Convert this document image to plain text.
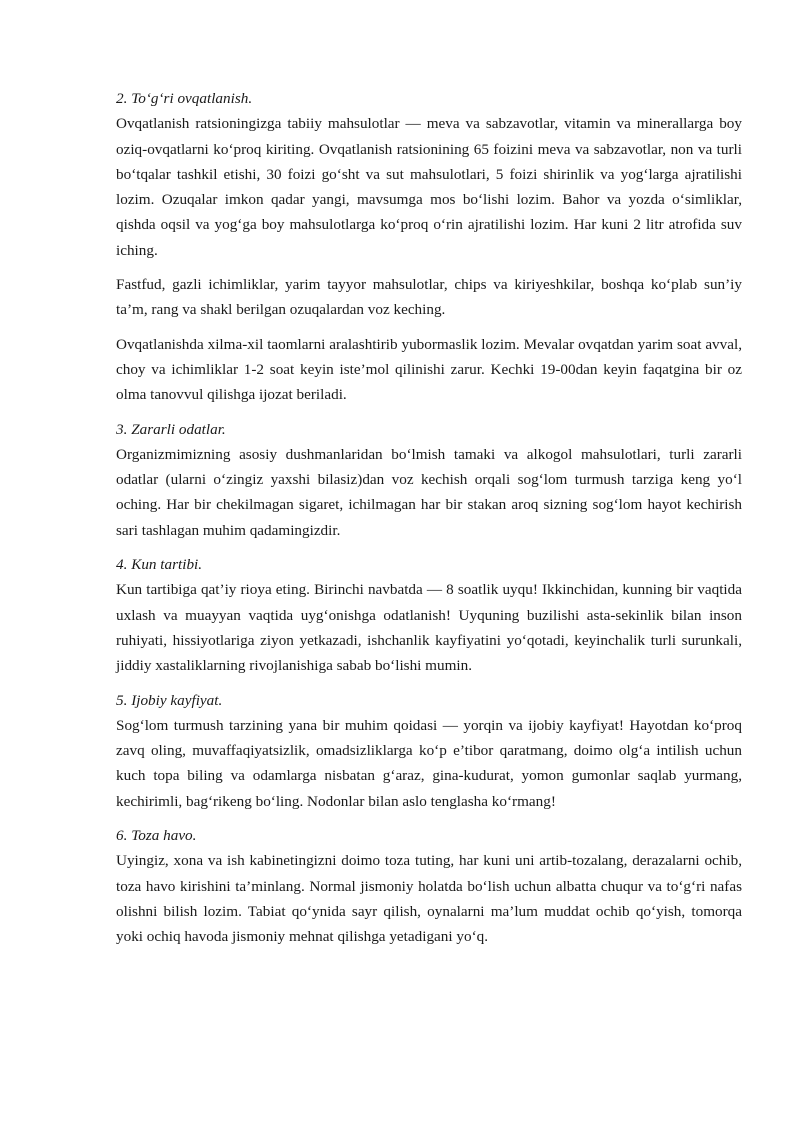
2. To‘g‘ri ovqatlanish.

Ovqatlanish ratsioningizga tabiiy mahsulotlar — meva va sabzavotlar, vitamin va minerallarga boy oziq-ovqatlarni ko‘proq kiriting. Ovqatlanish ratsionining 65 foizini meva va sabzavotlar, non va turli bo‘tqalar tashkil etishi, 30 foizi go‘sht va sut mahsulotlari, 5 foizi shirinlik va yog‘larga ajratilishi lozim. Ozuqalar imkon qadar yangi, mavsumga mos bo‘lishi lozim. Bahor va yozda o‘simliklar, qishda oqsil va yog‘ga boy mahsulotlarga ko‘proq o‘rin ajratilishi lozim. Har kuni 2 litr atrofida suv iching.

Fastfud, gazli ichimliklar, yarim tayyor mahsulotlar, chips va kiriyeshkilar, boshqa ko‘plab sun’iy ta’m, rang va shakl berilgan ozuqalardan voz keching.

Ovqatlanishda xilma-xil taomlarni aralashtirib yubormaslik lozim. Mevalar ovqatdan yarim soat avval, choy va ichimliklar 1-2 soat keyin iste’mol qilinishi zarur. Kechki 19-00dan keyin faqatgina bir oz olma tanovvul qilishga ijozat beriladi.

3. Zararli odatlar.

Organizmimizning asosiy dushmanlaridan bo‘lmish tamaki va alkogol mahsulotlari, turli zararli odatlar (ularni o‘zingiz yaxshi bilasiz)dan voz kechish orqali sog‘lom turmush tarziga keng yo‘l oching. Har bir chekilmagan sigaret, ichilmagan har bir stakan aroq sizning sog‘lom hayot kechirish sari tashlagan muhim qadamingizdir.

4. Kun tartibi.

Kun tartibiga qat’iy rioya eting. Birinchi navbatda — 8 soatlik uyqu! Ikkinchidan, kunning bir vaqtida uxlash va muayyan vaqtida uyg‘onishga odatlanish! Uyquning buzilishi asta-sekinlik bilan inson ruhiyati, hissiyotlariga ziyon yetkazadi, ishchanlik kayfiyatini yo‘qotadi, keyinchalik turli surunkali, jiddiy xastaliklarning rivojlanishiga sabab bo‘lishi mumin.

5. Ijobiy kayfiyat.

Sog‘lom turmush tarzining yana bir muhim qoidasi — yorqin va ijobiy kayfiyat! Hayotdan ko‘proq zavq oling, muvaffaqiyatsizlik, omadsizliklarga ko‘p e’tibor qaratmang, doimo olg‘a intilish uchun kuch topa biling va odamlarga nisbatan g‘araz, gina-kudurat, yomon gumonlar saqlab yurmang, kechirimli, bag‘rikeng bo‘ling. Nodonlar bilan aslo tenglasha ko‘rmang!

6. Toza havo.

Uyingiz, xona va ish kabinetingizni doimo toza tuting, har kuni uni artib-tozalang, derazalarni ochib, toza havo kirishini ta’minlang. Normal jismoniy holatda bo‘lish uchun albatta chuqur va to‘g‘ri nafas olishni bilish lozim. Tabiat qo‘ynida sayr qilish, oynalarni ma’lum muddat ochib qo‘yish, tomorqa yoki ochiq havoda jismoniy mehnat qilishga yetadigani yo‘q.
